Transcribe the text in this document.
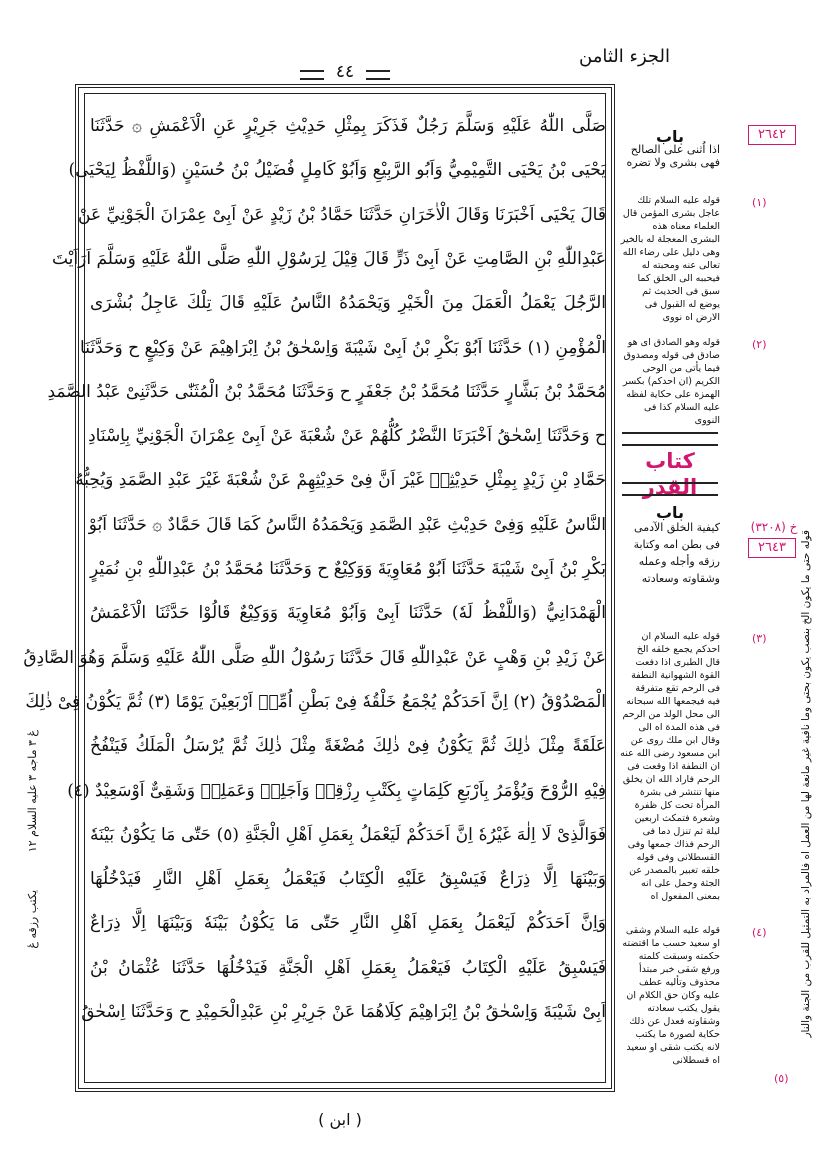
الجزء الثامن
٤٤
صَلَّى اللّٰهُ عَلَيْهِ وَسَلَّمَ رَجُلٌ فَذَكَرَ بِمِثْلِ حَدِيْثِ جَرِيْرٍ عَنِ الْاَعْمَشِ ۞ حَدَّثَنَا
يَحْيَى بْنُ يَحْيَى التَّمِيْمِيُّ وَاَبُو الرَّبِيْعِ وَاَبُوْ كَامِلٍ فُضَيْلُ بْنُ حُسَيْنٍ (وَاللَّفْظُ لِيَحْيَى)
قَالَ يَحْيَى اَخْبَرَنَا وَقَالَ الْاٰخَرَانِ حَدَّثَنَا حَمَّادُ بْنُ زَيْدٍ عَنْ اَبِىْ عِمْرَانَ الْجَوْنِيِّ عَنْ
عَبْدِاللّٰهِ بْنِ الصَّامِتِ عَنْ اَبِىْ ذَرٍّ قَالَ قِيْلَ لِرَسُوْلِ اللّٰهِ صَلَّى اللّٰهُ عَلَيْهِ وَسَلَّمَ اَرَاَيْتَ
الرَّجُلَ يَعْمَلُ الْعَمَلَ مِنَ الْخَيْرِ وَيَحْمَدُهُ النَّاسُ عَلَيْهِ قَالَ تِلْكَ عَاجِلُ بُشْرَى
الْمُؤْمِنِ (١) حَدَّثَنَا اَبُوْ بَكْرِ بْنُ اَبِىْ شَيْبَةَ وَاِسْحٰقُ بْنُ اِبْرَاهِيْمَ عَنْ وَكِيْعٍ ح وَحَدَّثَنَا
مُحَمَّدُ بْنُ بَشَّارٍ حَدَّثَنَا مُحَمَّدُ بْنُ جَعْفَرٍ ح وَحَدَّثَنَا مُحَمَّدُ بْنُ الْمُثَنّٰى حَدَّثَنِىْ عَبْدُ الصَّمَدِ
ح وَحَدَّثَنَا اِسْحٰقُ اَخْبَرَنَا النَّضْرُ كُلُّهُمْ عَنْ شُعْبَةَ عَنْ اَبِىْ عِمْرَانَ الْجَوْنِيِّ بِاِسْنَادِ
حَمَّادِ بْنِ زَيْدٍ بِمِثْلِ حَدِيْثِهٖ غَيْرَ اَنَّ فِىْ حَدِيْثِهِمْ عَنْ شُعْبَةَ غَيْرَ عَبْدِ الصَّمَدِ وَيُحِبُّهُ
النَّاسُ عَلَيْهِ وَفِىْ حَدِيْثِ عَبْدِ الصَّمَدِ وَيَحْمَدُهُ النَّاسُ كَمَا قَالَ حَمَّادٌ ۞ حَدَّثَنَا اَبُوْ
بَكْرِ بْنُ اَبِىْ شَيْبَةَ حَدَّثَنَا اَبُوْ مُعَاوِيَةَ وَوَكِيْعٌ ح وَحَدَّثَنَا مُحَمَّدُ بْنُ عَبْدِاللّٰهِ بْنِ نُمَيْرٍ
الْهَمْدَانِيُّ (وَاللَّفْظُ لَهٗ) حَدَّثَنَا اَبِىْ وَاَبُوْ مُعَاوِيَةَ وَوَكِيْعٌ قَالُوْا حَدَّثَنَا الْاَعْمَشُ
عَنْ زَيْدِ بْنِ وَهْبٍ عَنْ عَبْدِاللّٰهِ قَالَ حَدَّثَنَا رَسُوْلُ اللّٰهِ صَلَّى اللّٰهُ عَلَيْهِ وَسَلَّمَ وَهُوَ الصَّادِقُ
الْمَصْدُوْقُ (٢) اِنَّ اَحَدَكُمْ يُجْمَعُ خَلْقُهٗ فِىْ بَطْنِ اُمِّهٖ اَرْبَعِيْنَ يَوْمًا (٣) ثُمَّ يَكُوْنُ فِىْ ذٰلِكَ
عَلَقَةً مِثْلَ ذٰلِكَ ثُمَّ يَكُوْنُ فِىْ ذٰلِكَ مُضْغَةً مِثْلَ ذٰلِكَ ثُمَّ يُرْسَلُ الْمَلَكُ فَيَنْفُخُ
فِيْهِ الرُّوْحَ وَيُؤْمَرُ بِاَرْبَعِ كَلِمَاتٍ بِكَتْبِ رِزْقِهٖ وَاَجَلِهٖ وَعَمَلِهٖ وَشَقِىٌّ اَوْسَعِيْدٌ (٤)
فَوَالَّذِىْ لَا اِلٰهَ غَيْرُهٗ اِنَّ اَحَدَكُمْ لَيَعْمَلُ بِعَمَلِ اَهْلِ الْجَنَّةِ (٥) حَتّٰى مَا يَكُوْنُ بَيْنَهٗ
وَبَيْنَهَا اِلَّا ذِرَاعٌ فَيَسْبِقُ عَلَيْهِ الْكِتَابُ فَيَعْمَلُ بِعَمَلِ اَهْلِ النَّارِ فَيَدْخُلُهَا
وَاِنَّ اَحَدَكُمْ لَيَعْمَلُ بِعَمَلِ اَهْلِ النَّارِ حَتّٰى مَا يَكُوْنُ بَيْنَهٗ وَبَيْنَهَا اِلَّا ذِرَاعٌ
فَيَسْبِقُ عَلَيْهِ الْكِتَابُ فَيَعْمَلُ بِعَمَلِ اَهْلِ الْجَنَّةِ فَيَدْخُلُهَا حَدَّثَنَا عُثْمَانُ بْنُ
اَبِىْ شَيْبَةَ وَاِسْحٰقُ بْنُ اِبْرَاهِيْمَ كِلَاهُمَا عَنْ جَرِيْرِ بْنِ عَبْدِالْحَمِيْدِ ح وَحَدَّثَنَا اِسْحٰقُ
باب
اذا اُثنى على الصالح فهى بشرى ولا تضره
قوله عليه السلام تلك عاجل بشرى المؤمن قال العلماء معناه هذه البشرى المعجلة له بالخير وهى دليل على رضاء الله تعالى عنه ومحبته له فيحببه الى الخلق كما سبق فى الحديث ثم يوضع له القبول فى الارض اه نووى
(١)
قوله وهو الصادق اى هو صادق فى قوله ومصدوق فيما يأتى من الوحى الكريم (ان احدكم) بكسر الهمزة على حكاية لفظه عليه السلام كذا فى النووى
(٢)
كتاب القدر
باب
كيفية الخلق الآدمى فى بطن امه وكتابة رزقه وأجله وعمله وشقاوته وسعادته
قوله عليه السلام ان احدكم يجمع خلقه الخ قال الطبرى اذا دفعت القوة الشهوانية النطفة فى الرحم تقع متفرقة فيه فيجمعها الله سبحانه الى محل الولد من الرحم فى هذه المدة اه الى وقال ابن ملك روى عن ابن مسعود رضى الله عنه ان النطفة اذا وقعت فى الرحم فاراد الله ان يخلق منها تنتشر فى بشرة المرأة تحت كل ظفرة وشعرة فتمكث اربعين ليلة ثم تنزل دما فى الرحم فذاك جمعها وفى القسطلانى وفى قوله خلقه تعبير بالمصدر عن الجثة وحمل على انه بمعنى المفعول اه
(٣)
قوله عليه السلام وشقى او سعيد حسب ما اقتضته حكمته وسبقت كلمته ورفع شقى خبر مبتدأ محذوف وتأليه عطف عليه وكان حق الكلام ان يقول يكتب سعادته وشقاوته فعدل عن ذلك حكاية لصورة ما يكتب لانه يكتب شقى او سعيد اه قسطلانى
(٤)
(٥)
٢٦٤٢
خ (٣٢٠٨)
٢٦٤٣	قوله حتى ما يكون الخ بنصب يكون بحتى وما نافية غير مانعة لها من العمل اه فالمراد به التمثيل للقرب من الجنة والنار
عٔ ٣ ماجه ٣ عليه السلام ١٢
يكتب رزقه عٔ
( ابن )
